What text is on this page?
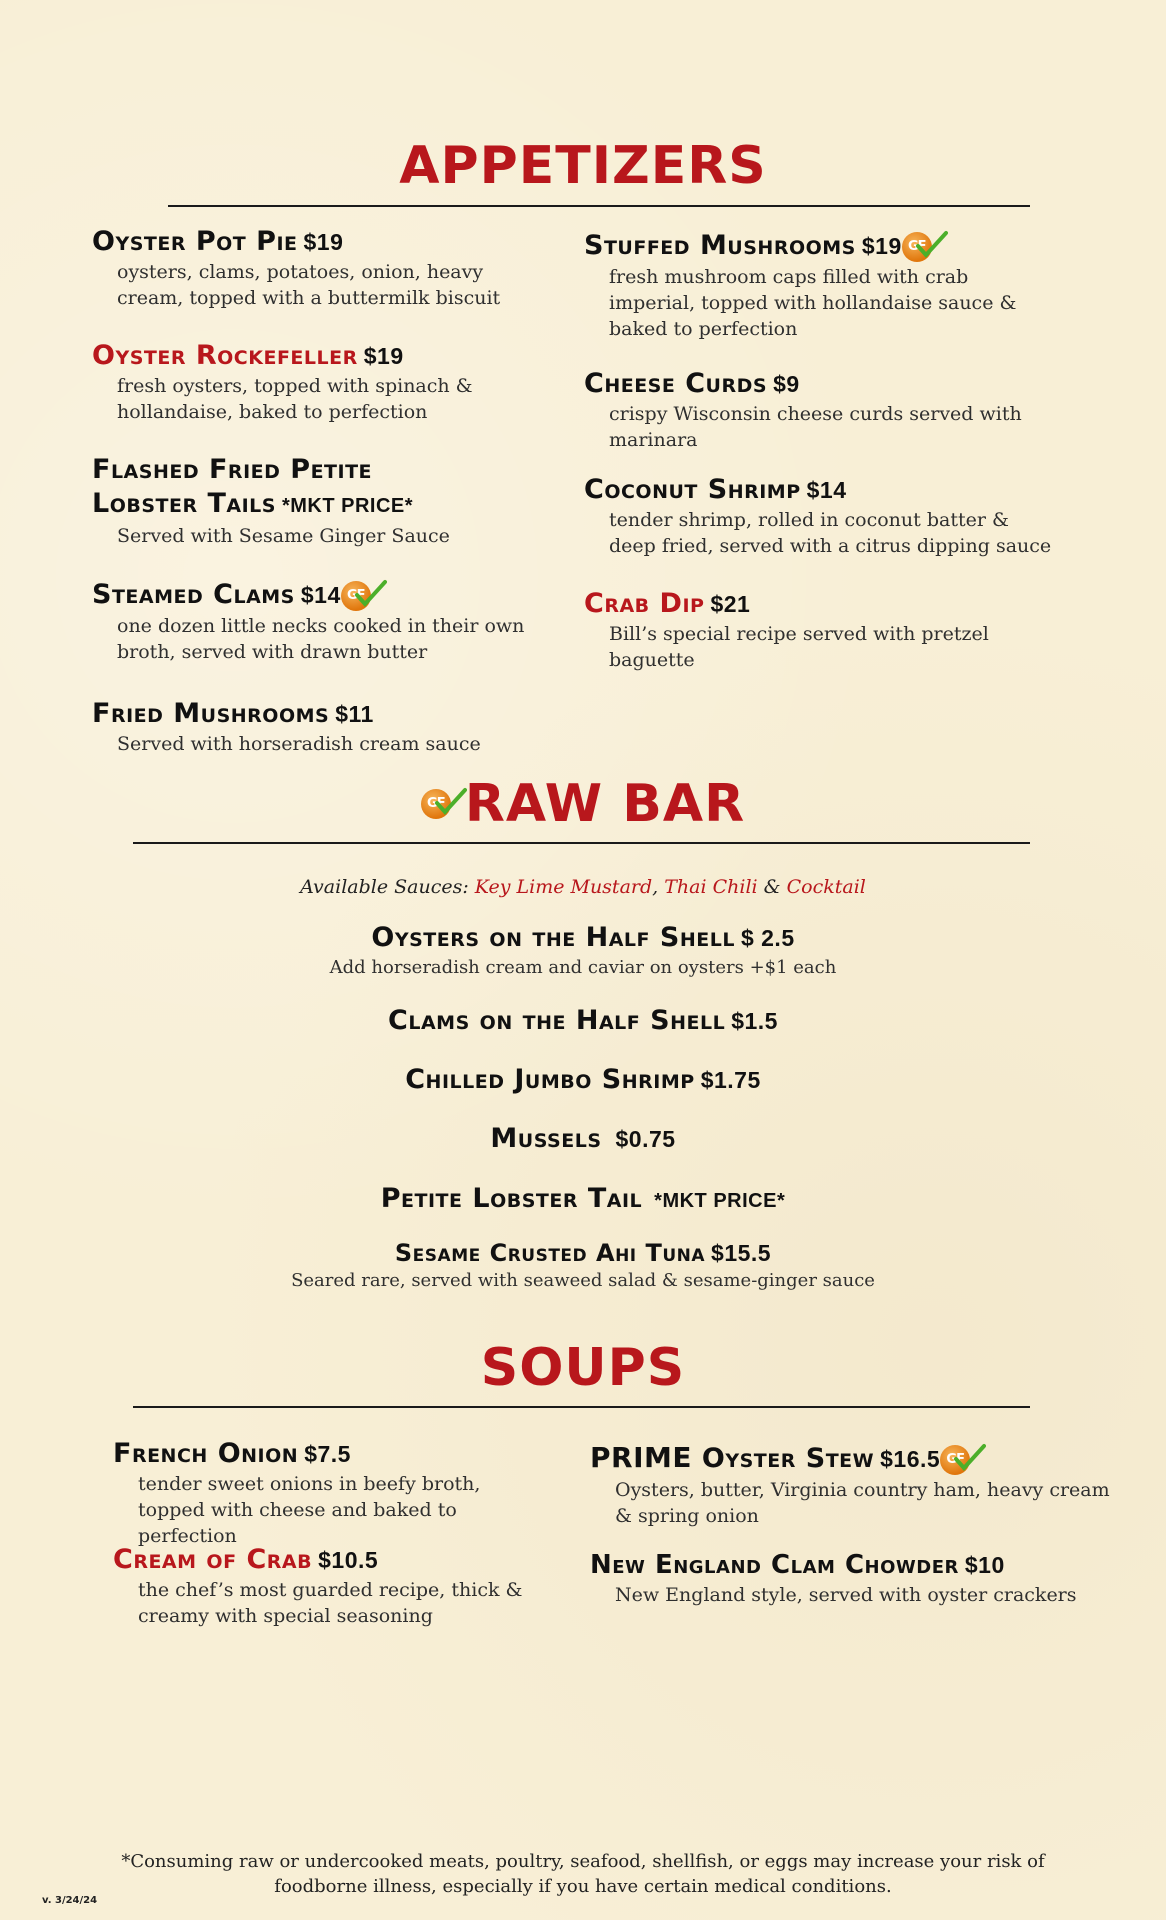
APPETIZERS
Oyster Pot Pie $19
oysters, clams, potatoes, onion, heavy cream, topped with a buttermilk biscuit
Oyster Rockefeller $19
fresh oysters, topped with spinach & hollandaise, baked to perfection
Flashed Fried Petite
Lobster Tails *MKT PRICE*
Served with Sesame Ginger Sauce
Steamed Clams $14 GF
one dozen little necks cooked in their own broth, served with drawn butter
Fried Mushrooms $11
Served with horseradish cream sauce
Stuffed Mushrooms $19 GF
fresh mushroom caps filled with crab imperial, topped with hollandaise sauce & baked to perfection
Cheese Curds $9
crispy Wisconsin cheese curds served with marinara
Coconut Shrimp $14
tender shrimp, rolled in coconut batter & deep fried, served with a citrus dipping sauce
Crab Dip $21
Bill’s special recipe served with pretzel baguette
GF RAW BAR
Available Sauces: Key Lime Mustard, Thai Chili & Cocktail
Oysters on the Half Shell $ 2.5
Add horseradish cream and caviar on oysters +$1 each
Clams on the Half Shell $1.5
Chilled Jumbo Shrimp $1.75
Mussels $0.75
Petite Lobster Tail *MKT PRICE*
Sesame Crusted Ahi Tuna $15.5
Seared rare, served with seaweed salad & sesame-ginger sauce
SOUPS
French Onion $7.5
tender sweet onions in beefy broth, topped with cheese and baked to perfection
Cream of Crab $10.5
the chef’s most guarded recipe, thick & creamy with special seasoning
PRIME Oyster Stew $16.5 GF
Oysters, butter, Virginia country ham, heavy cream & spring onion
New England Clam Chowder $10
New England style, served with oyster crackers
*Consuming raw or undercooked meats, poultry, seafood, shellfish, or eggs may increase your risk of foodborne illness, especially if you have certain medical conditions.
v. 3/24/24
